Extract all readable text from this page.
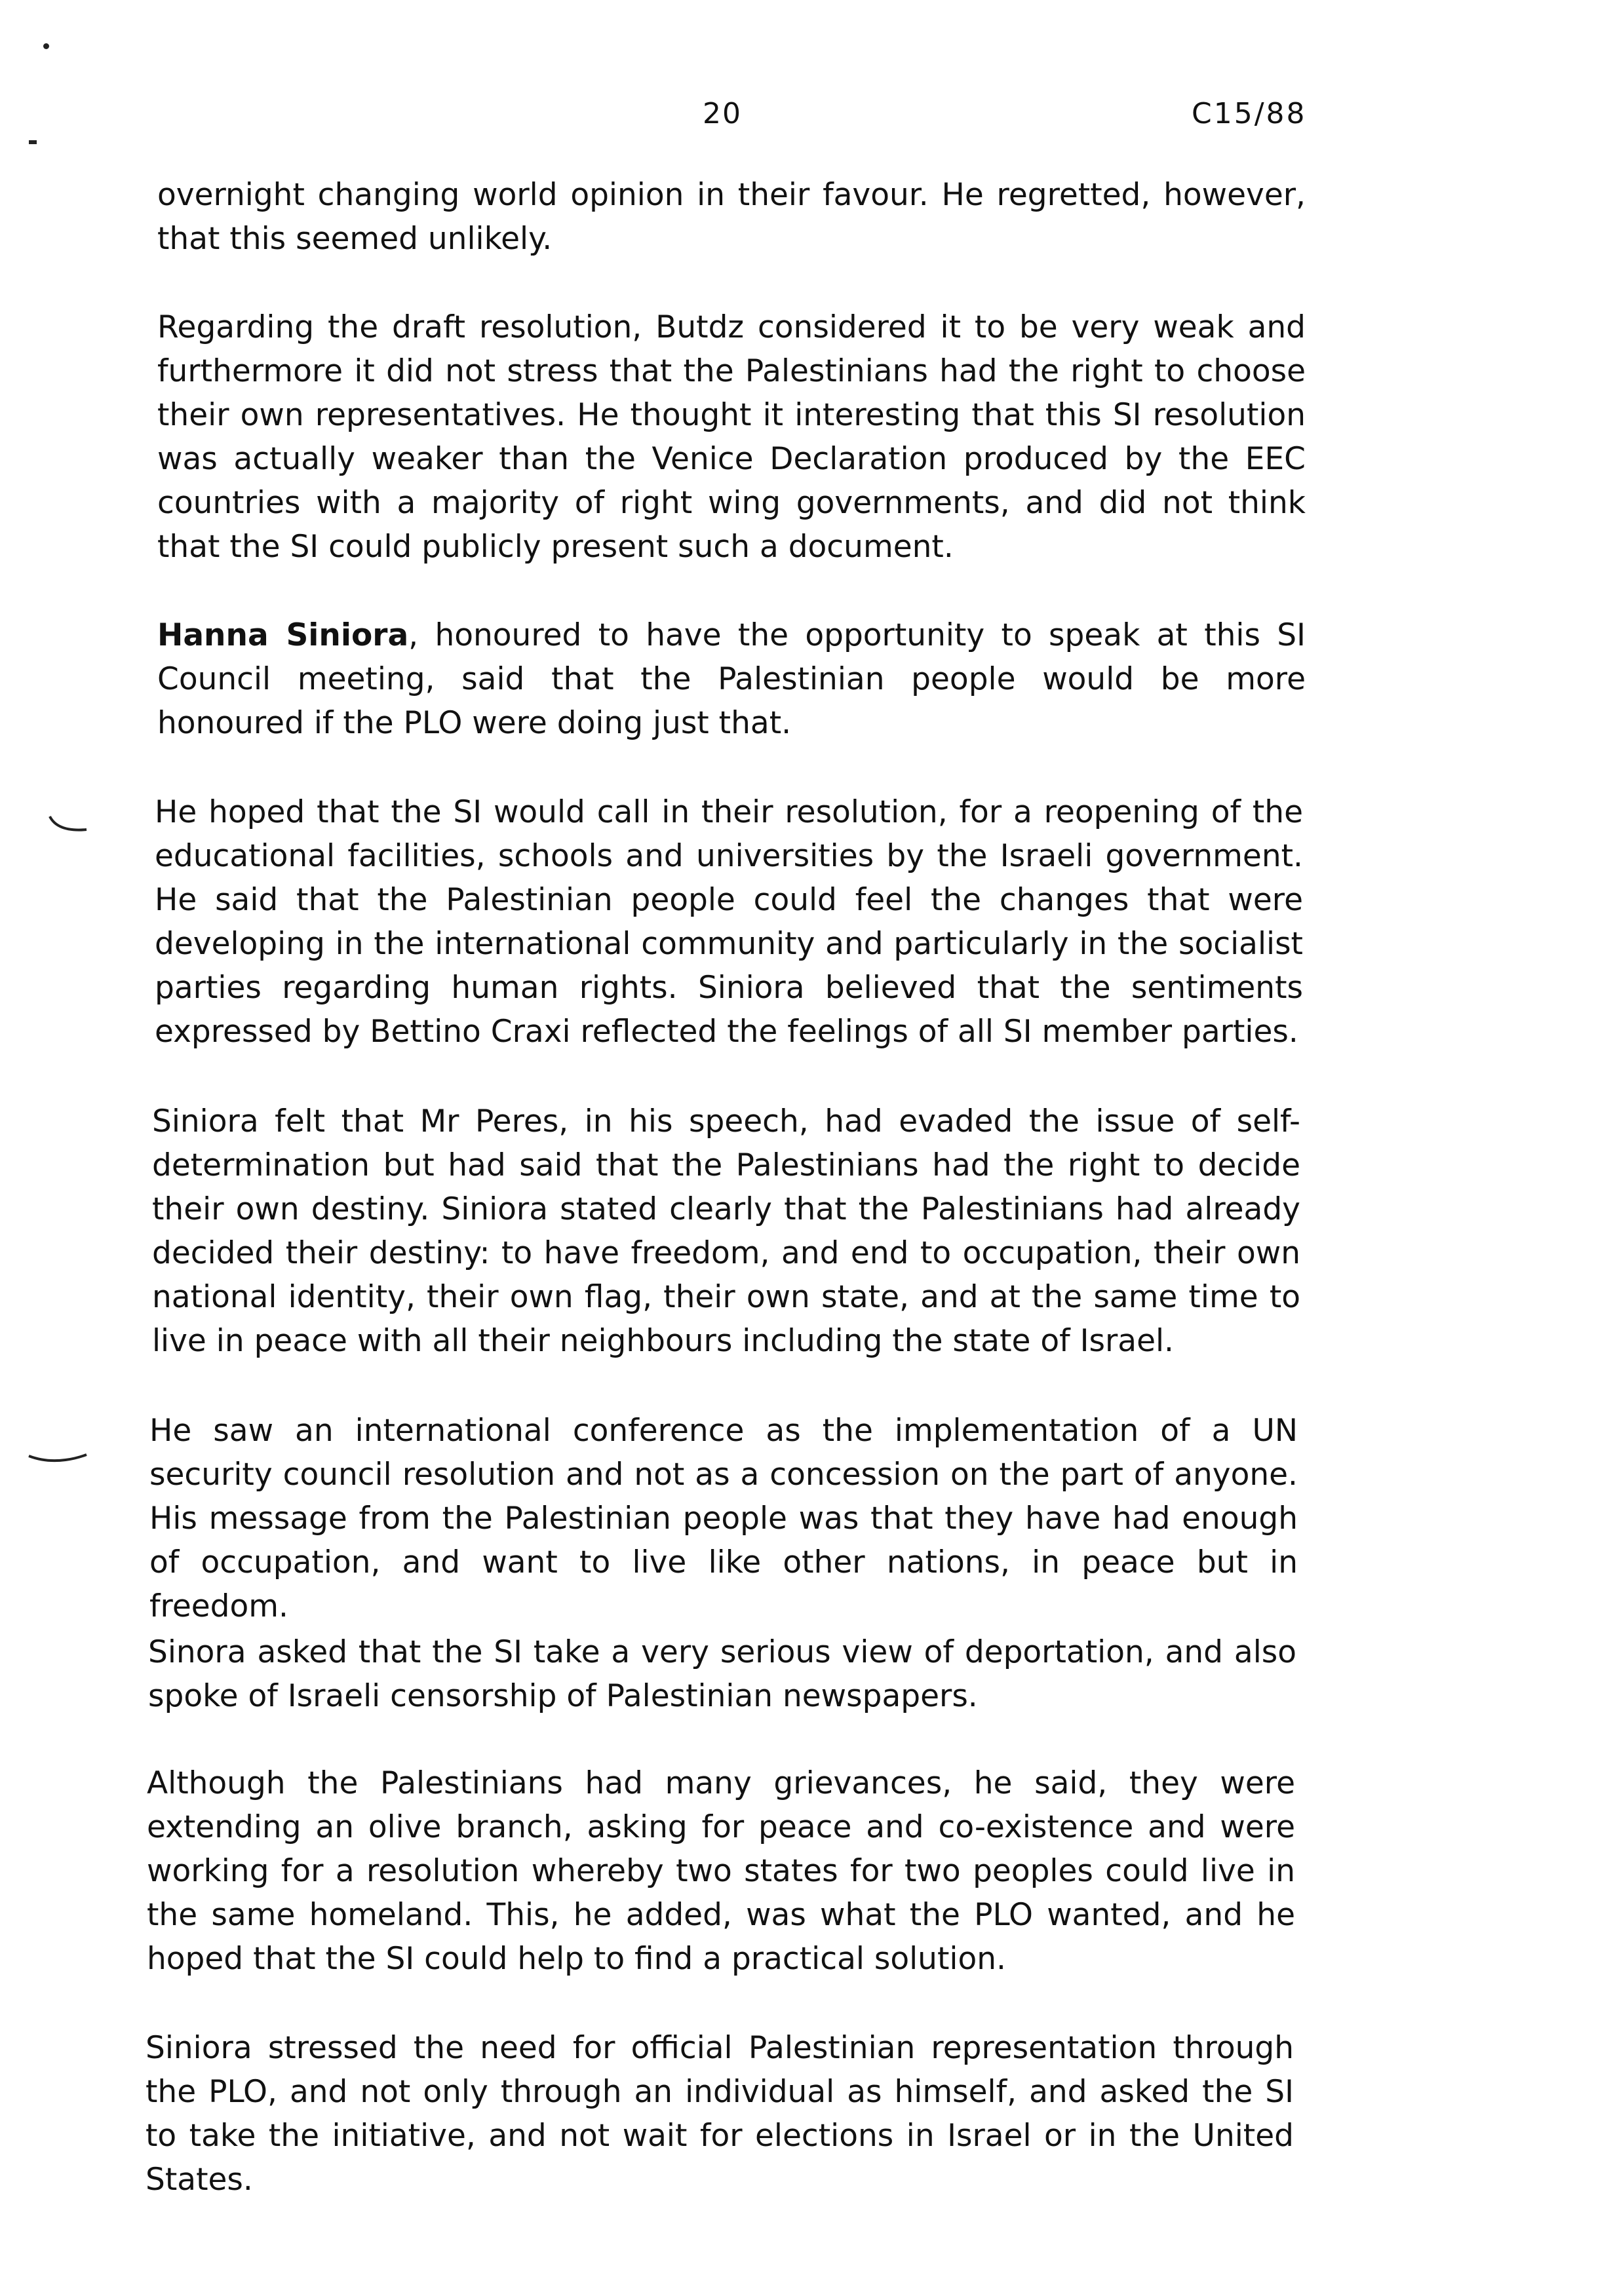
20	C15/88
overnight changing world opinion in their favour. He regretted, however, that this seemed unlikely.
Regarding the draft resolution, Butdz considered it to be very weak and furthermore it did not stress that the Palestinians had the right to choose their own representatives. He thought it interesting that this SI resolution was actually weaker than the Venice Declaration produced by the EEC countries with a majority of right wing governments, and did not think that the SI could publicly present such a document.
Hanna Siniora, honoured to have the opportunity to speak at this SI Council meeting, said that the Palestinian people would be more honoured if the PLO were doing just that.
He hoped that the SI would call in their resolution, for a reopening of the educational facilities, schools and universities by the Israeli government. He said that the Palestinian people could feel the changes that were developing in the international community and particularly in the socialist parties regarding human rights. Siniora believed that the sentiments expressed by Bettino Craxi reflected the feelings of all SI member parties.
Siniora felt that Mr Peres, in his speech, had evaded the issue of self-determination but had said that the Palestinians had the right to decide their own destiny. Siniora stated clearly that the Palestinians had already decided their destiny: to have freedom, and end to occupation, their own national identity, their own flag, their own state, and at the same time to live in peace with all their neighbours including the state of Israel.
He saw an international conference as the implementation of a UN security council resolution and not as a concession on the part of anyone. His message from the Palestinian people was that they have had enough of occupation, and want to live like other nations, in peace but in freedom.
Sinora asked that the SI take a very serious view of deportation, and also spoke of Israeli censorship of Palestinian newspapers.
Although the Palestinians had many grievances, he said, they were extending an olive branch, asking for peace and co-existence and were working for a resolution whereby two states for two peoples could live in the same homeland. This, he added, was what the PLO wanted, and he hoped that the SI could help to find a practical solution.
Siniora stressed the need for official Palestinian representation through the PLO, and not only through an individual as himself, and asked the SI to take the initiative, and not wait for elections in Israel or in the United States.
